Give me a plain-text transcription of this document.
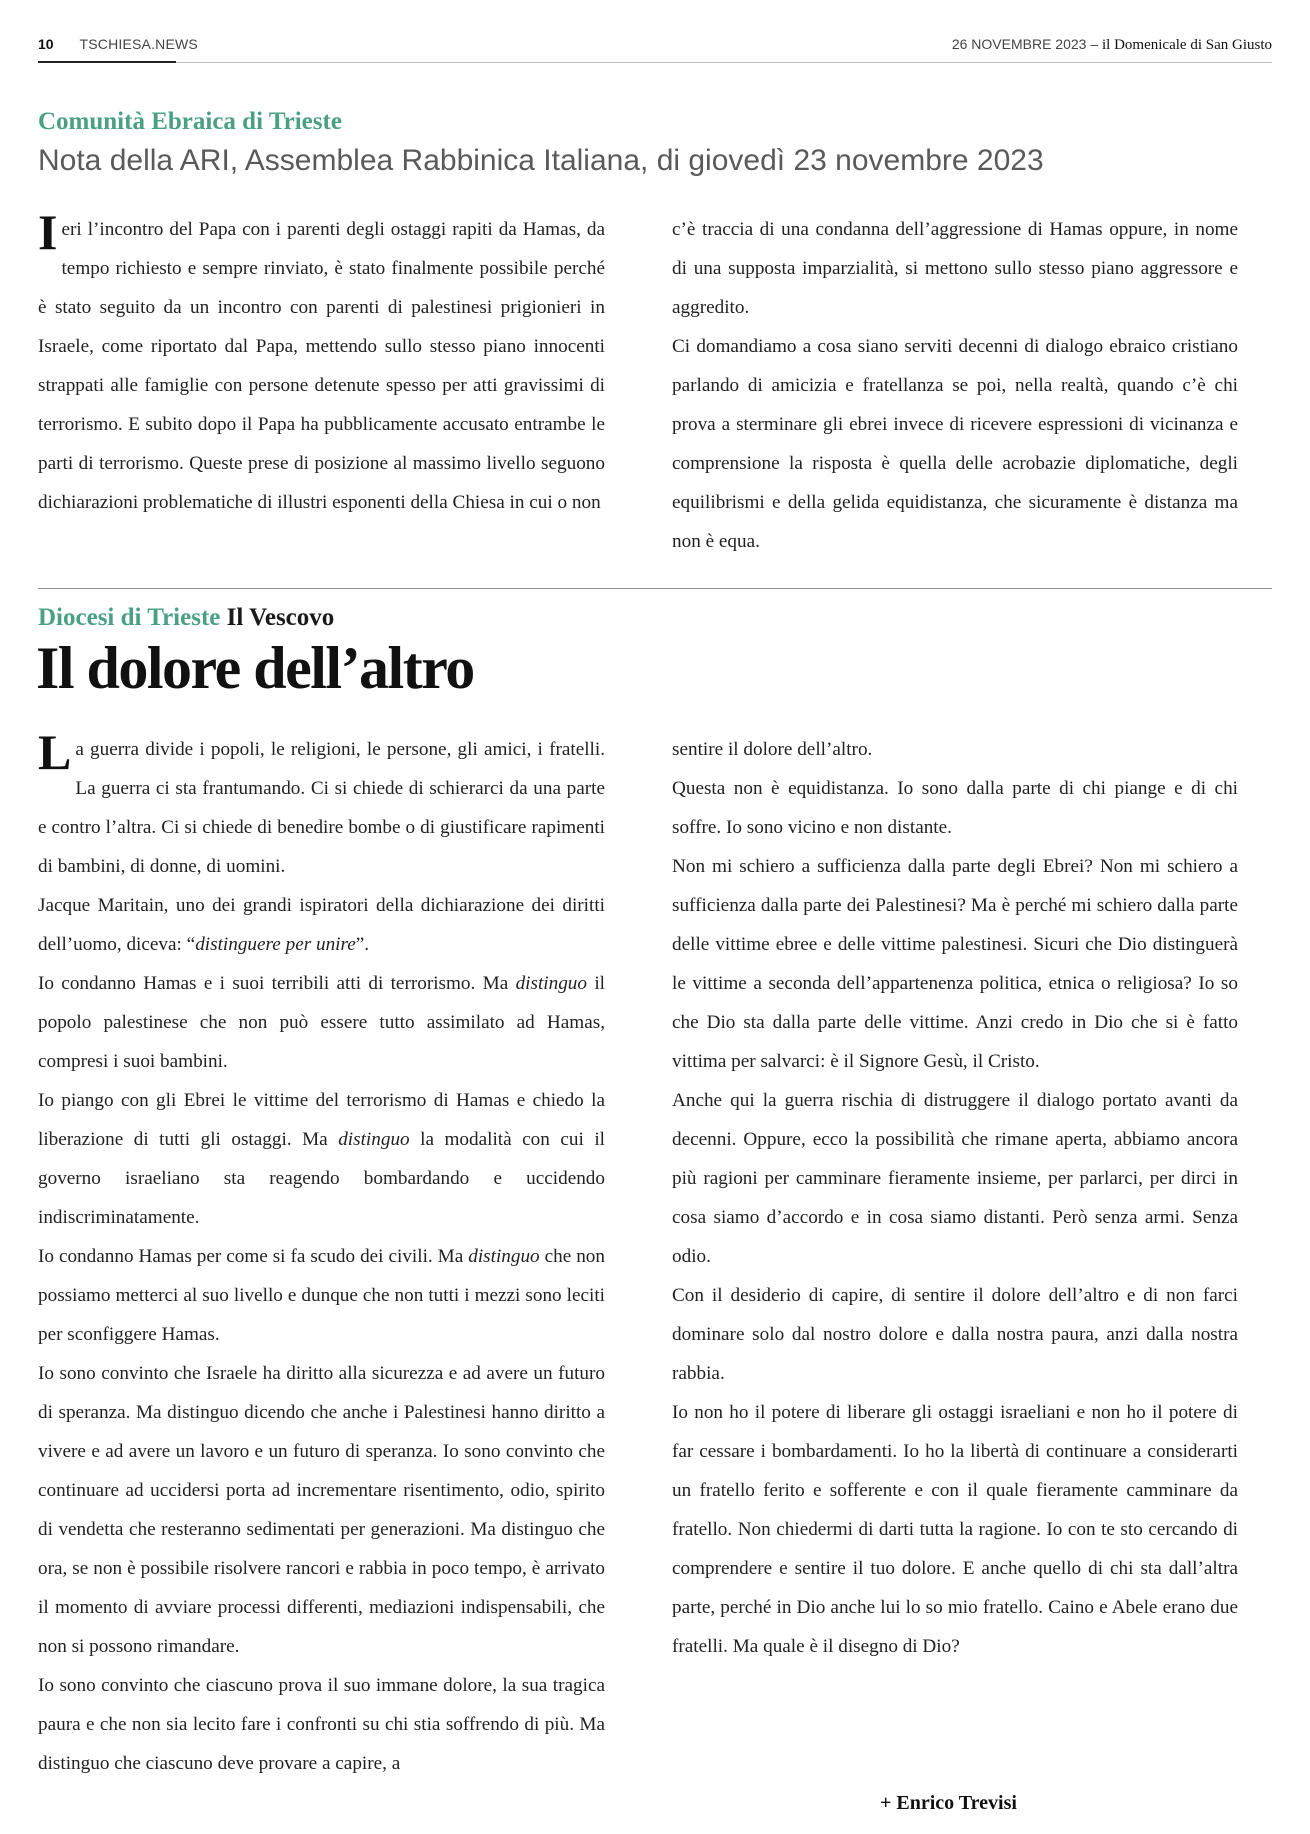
10 TSCHIESA.NEWS	26 NOVEMBRE 2023 – il Domenicale di San Giusto
Comunità Ebraica di Trieste
Nota della ARI, Assemblea Rabbinica Italiana, di giovedì 23 novembre 2023

Ieri l’incontro del Papa con i parenti degli ostaggi rapiti da Hamas, da tempo richiesto e sempre rinviato, è stato finalmente possibile perché è stato seguito da un incontro con parenti di palestinesi prigionieri in Israele, come riportato dal Papa, mettendo sullo stesso piano innocenti strappati alle famiglie con persone detenute spesso per atti gravissimi di terrorismo. E subito dopo il Papa ha pubblicamente accusato entrambe le parti di terrorismo. Queste prese di posizione al massimo livello seguono dichiarazioni problematiche di illustri esponenti della Chiesa in cui o non

c’è traccia di una condanna dell’aggressione di Hamas oppure, in nome di una supposta imparzialità, si mettono sullo stesso piano aggressore e aggredito.

Ci domandiamo a cosa siano serviti decenni di dialogo ebraico cristiano parlando di amicizia e fratellanza se poi, nella realtà, quando c’è chi prova a sterminare gli ebrei invece di ricevere espressioni di vicinanza e comprensione la risposta è quella delle acrobazie diplomatiche, degli equilibrismi e della gelida equidistanza, che sicuramente è distanza ma non è equa.

Diocesi di Trieste Il Vescovo
Il dolore dell’altro

La guerra divide i popoli, le religioni, le persone, gli amici, i fratelli. La guerra ci sta frantumando. Ci si chiede di schierarci da una parte e contro l’altra. Ci si chiede di benedire bombe o di giustificare rapimenti di bambini, di donne, di uomini.

Jacque Maritain, uno dei grandi ispiratori della dichiarazione dei diritti dell’uomo, diceva: “distinguere per unire”.

Io condanno Hamas e i suoi terribili atti di terrorismo. Ma distinguo il popolo palestinese che non può essere tutto assimilato ad Hamas, compresi i suoi bambini.

Io piango con gli Ebrei le vittime del terrorismo di Hamas e chiedo la liberazione di tutti gli ostaggi. Ma distinguo la modalità con cui il governo israeliano sta reagendo bombardando e uccidendo indiscriminatamente.

Io condanno Hamas per come si fa scudo dei civili. Ma distinguo che non possiamo metterci al suo livello e dunque che non tutti i mezzi sono leciti per sconfiggere Hamas.

Io sono convinto che Israele ha diritto alla sicurezza e ad avere un futuro di speranza. Ma distinguo dicendo che anche i Palestinesi hanno diritto a vivere e ad avere un lavoro e un futuro di speranza. Io sono convinto che continuare ad uccidersi porta ad incrementare risentimento, odio, spirito di vendetta che resteranno sedimentati per generazioni. Ma distinguo che ora, se non è possibile risolvere rancori e rabbia in poco tempo, è arrivato il momento di avviare processi differenti, mediazioni indispensabili, che non si possono rimandare.

Io sono convinto che ciascuno prova il suo immane dolore, la sua tragica paura e che non sia lecito fare i confronti su chi stia soffrendo di più. Ma distinguo che ciascuno deve provare a capire, a

sentire il dolore dell’altro.

Questa non è equidistanza. Io sono dalla parte di chi piange e di chi soffre. Io sono vicino e non distante.

Non mi schiero a sufficienza dalla parte degli Ebrei? Non mi schiero a sufficienza dalla parte dei Palestinesi? Ma è perché mi schiero dalla parte delle vittime ebree e delle vittime palestinesi. Sicuri che Dio distinguerà le vittime a seconda dell’appartenenza politica, etnica o religiosa? Io so che Dio sta dalla parte delle vittime. Anzi credo in Dio che si è fatto vittima per salvarci: è il Signore Gesù, il Cristo.

Anche qui la guerra rischia di distruggere il dialogo portato avanti da decenni. Oppure, ecco la possibilità che rimane aperta, abbiamo ancora più ragioni per camminare fieramente insieme, per parlarci, per dirci in cosa siamo d’accordo e in cosa siamo distanti. Però senza armi. Senza odio.

Con il desiderio di capire, di sentire il dolore dell’altro e di non farci dominare solo dal nostro dolore e dalla nostra paura, anzi dalla nostra rabbia.

Io non ho il potere di liberare gli ostaggi israeliani e non ho il potere di far cessare i bombardamenti. Io ho la libertà di continuare a considerarti un fratello ferito e sofferente e con il quale fieramente camminare da fratello. Non chiedermi di darti tutta la ragione. Io con te sto cercando di comprendere e sentire il tuo dolore. E anche quello di chi sta dall’altra parte, perché in Dio anche lui lo so mio fratello. Caino e Abele erano due fratelli. Ma quale è il disegno di Dio?

+ Enrico Trevisi
